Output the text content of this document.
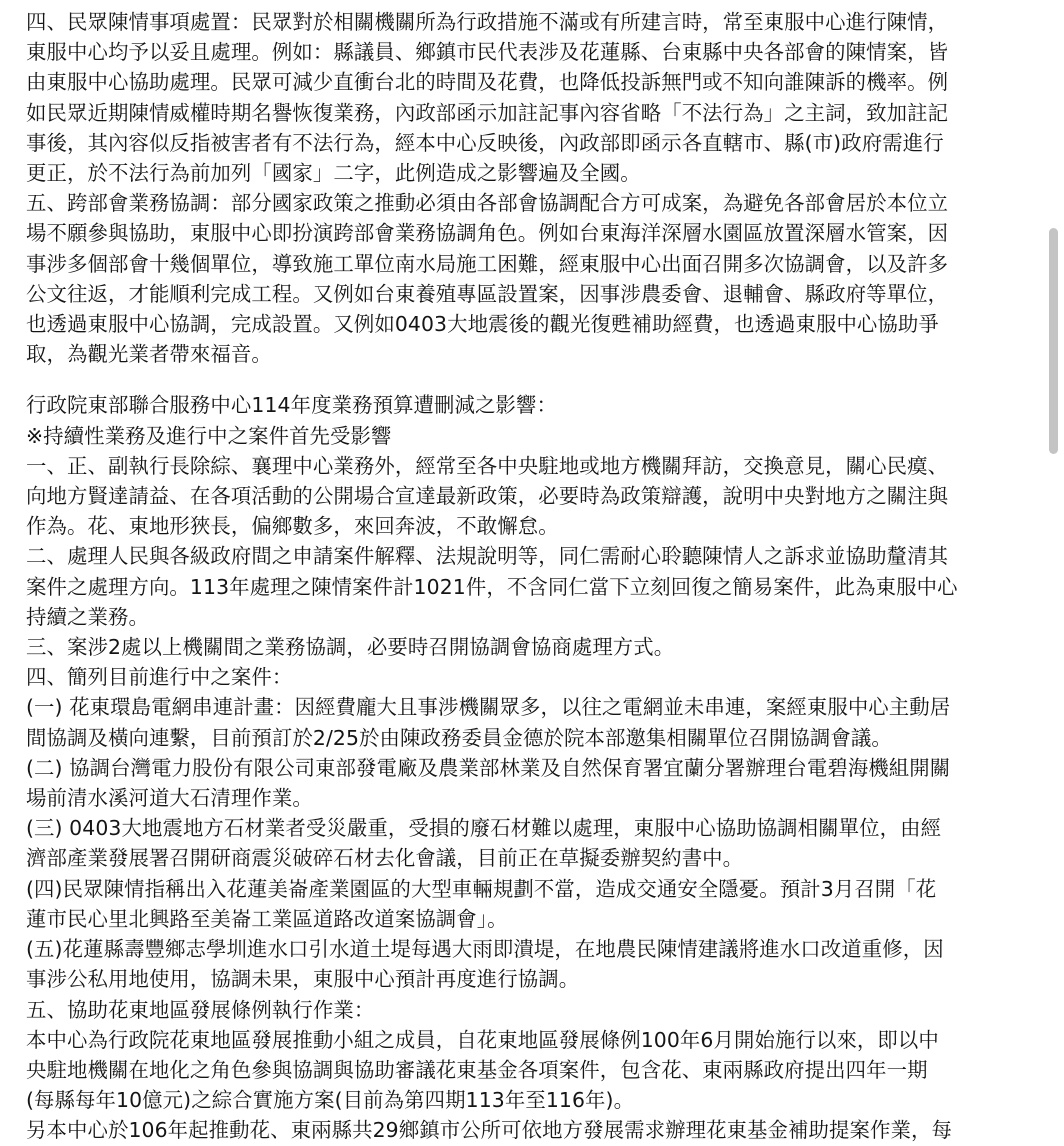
四、民眾陳情事項處置：民眾對於相關機關所為行政措施不滿或有所建言時，常至東服中心進行陳情，

東服中心均予以妥且處理。例如：縣議員、鄉鎮市民代表涉及花蓮縣、台東縣中央各部會的陳情案，皆

由東服中心協助處理。民眾可減少直衝台北的時間及花費，也降低投訴無門或不知向誰陳訴的機率。例

如民眾近期陳情威權時期名譽恢復業務，內政部函示加註記事內容省略「不法行為」之主詞，致加註記

事後，其內容似反指被害者有不法行為，經本中心反映後，內政部即函示各直轄市、縣(市)政府需進行

更正，於不法行為前加列「國家」二字，此例造成之影響遍及全國。

五、跨部會業務協調：部分國家政策之推動必須由各部會協調配合方可成案，為避免各部會居於本位立

場不願參與協助，東服中心即扮演跨部會業務協調角色。例如台東海洋深層水園區放置深層水管案，因

事涉多個部會十幾個單位，導致施工單位南水局施工困難，經東服中心出面召開多次協調會，以及許多

公文往返，才能順利完成工程。又例如台東養殖專區設置案，因事涉農委會、退輔會、縣政府等單位，

也透過東服中心協調，完成設置。又例如0403大地震後的觀光復甦補助經費，也透過東服中心協助爭

取，為觀光業者帶來福音。

行政院東部聯合服務中心114年度業務預算遭刪減之影響：

※持續性業務及進行中之案件首先受影響

一、正、副執行長除綜、襄理中心業務外，經常至各中央駐地或地方機關拜訪，交換意見，關心民瘼、

向地方賢達請益、在各項活動的公開場合宣達最新政策，必要時為政策辯護，說明中央對地方之關注與

作為。花、東地形狹長，偏鄉數多，來回奔波，不敢懈怠。

二、處理人民與各級政府間之申請案件解釋、法規說明等，同仁需耐心聆聽陳情人之訴求並協助釐清其

案件之處理方向。113年處理之陳情案件計1021件，不含同仁當下立刻回復之簡易案件，此為東服中心

持續之業務。

三、案涉2處以上機關間之業務協調，必要時召開協調會協商處理方式。

四、簡列目前進行中之案件：

(一) 花東環島電網串連計畫：因經費龐大且事涉機關眾多，以往之電網並未串連，案經東服中心主動居

間協調及橫向連繫，目前預訂於2/25於由陳政務委員金德於院本部邀集相關單位召開協調會議。

(二) 協調台灣電力股份有限公司東部發電廠及農業部林業及自然保育署宜蘭分署辦理台電碧海機組開關

場前清水溪河道大石清理作業。

(三) 0403大地震地方石材業者受災嚴重，受損的廢石材難以處理，東服中心協助協調相關單位，由經

濟部產業發展署召開研商震災破碎石材去化會議，目前正在草擬委辦契約書中。

(四)民眾陳情指稱出入花蓮美崙產業園區的大型車輛規劃不當，造成交通安全隱憂。預計3月召開「花

蓮市民心里北興路至美崙工業區道路改道案協調會」。

(五)花蓮縣壽豐鄉志學圳進水口引水道土堤每遇大雨即潰堤，在地農民陳情建議將進水口改道重修，因

事涉公私用地使用，協調未果，東服中心預計再度進行協調。

五、協助花東地區發展條例執行作業：

本中心為行政院花東地區發展推動小組之成員，自花東地區發展條例100年6月開始施行以來，即以中

央駐地機關在地化之角色參與協調與協助審議花東基金各項案件，包含花、東兩縣政府提出四年一期

(每縣每年10億元)之綜合實施方案(目前為第四期113年至116年)。

另本中心於106年起推動花、東兩縣共29鄉鎮市公所可依地方發展需求辦理花東基金補助提案作業，每
